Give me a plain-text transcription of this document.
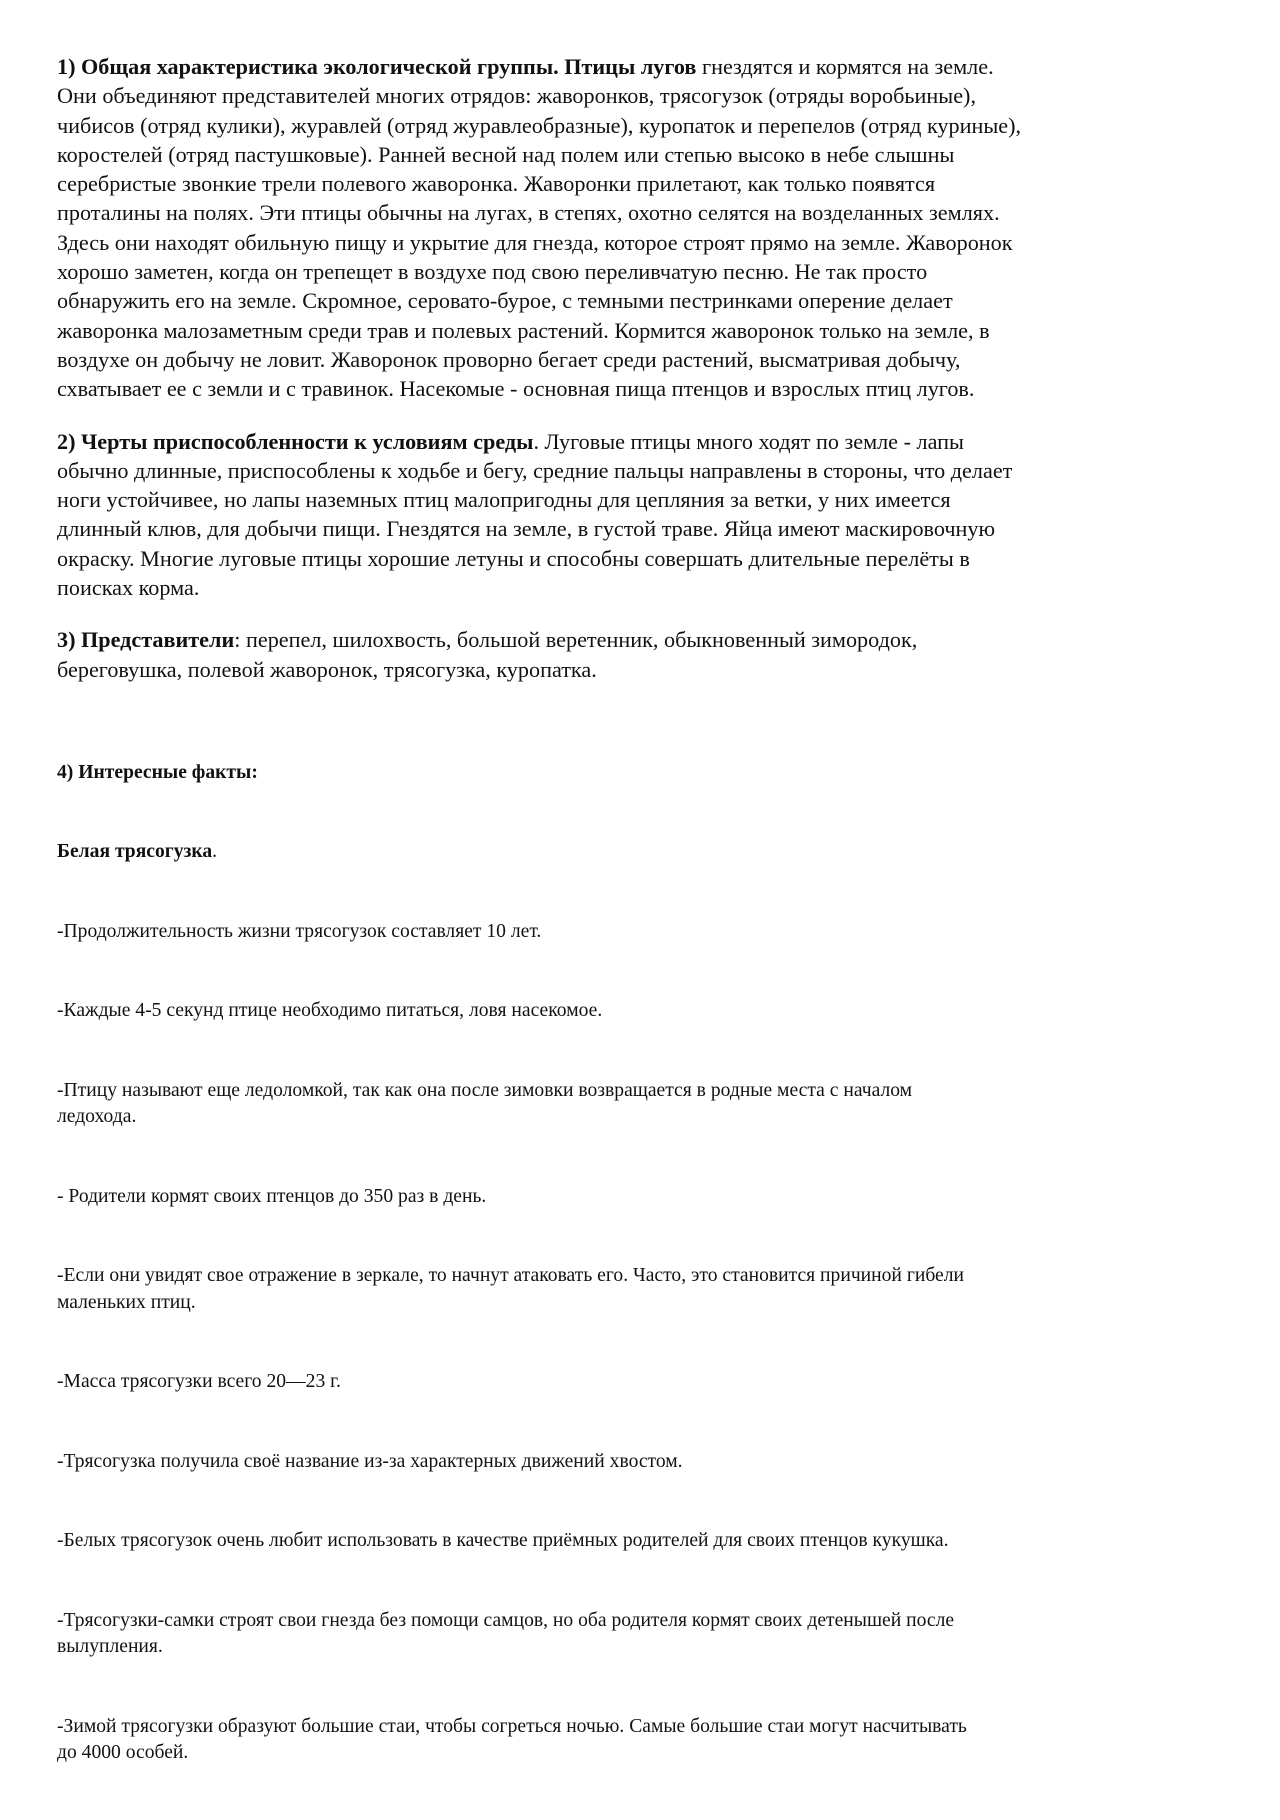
1) Общая характеристика экологической группы. Птицы лугов гнездятся и кормятся на земле.
Они объединяют представителей многих отрядов: жаворонков, трясогузок (отряды воробьиные),
чибисов (отряд кулики), журавлей (отряд журавлеобразные), куропаток и перепелов (отряд куриные),
коростелей (отряд пастушковые). Ранней весной над полем или степью высоко в небе слышны
серебристые звонкие трели полевого жаворонка. Жаворонки прилетают, как только появятся
проталины на полях. Эти птицы обычны на лугах, в степях, охотно селятся на возделанных землях.
Здесь они находят обильную пищу и укрытие для гнезда, которое строят прямо на земле. Жаворонок
хорошо заметен, когда он трепещет в воздухе под свою переливчатую песню. Не так просто
обнаружить его на земле. Скромное, серовато-бурое, с темными пестринками оперение делает
жаворонка малозаметным среди трав и полевых растений. Кормится жаворонок только на земле, в
воздухе он добычу не ловит. Жаворонок проворно бегает среди растений, высматривая добычу,
схватывает ее с земли и с травинок. Насекомые - основная пища птенцов и взрослых птиц лугов.

2) Черты приспособленности к условиям среды. Луговые птицы много ходят по земле - лапы
обычно длинные, приспособлены к ходьбе и бегу, средние пальцы направлены в стороны, что делает
ноги устойчивее, но лапы наземных птиц малопригодны для цепляния за ветки, у них имеется
длинный клюв, для добычи пищи. Гнездятся на земле, в густой траве. Яйца имеют маскировочную
окраску. Многие луговые птицы хорошие летуны и способны совершать длительные перелёты в
поисках корма.

3) Представители: перепел, шилохвость, большой веретенник, обыкновенный зимородок,
береговушка, полевой жаворонок, трясогузка, куропатка.

4) Интересные факты:

Белая трясогузка.

-Продолжительность жизни трясогузок составляет 10 лет.

-Каждые 4-5 секунд птице необходимо питаться, ловя насекомое.

-Птицу называют еще ледоломкой, так как она после зимовки возвращается в родные места с началом
ледохода.

- Родители кормят своих птенцов до 350 раз в день.

-Если они увидят свое отражение в зеркале, то начнут атаковать его. Часто, это становится причиной гибели
маленьких птиц.

-Масса трясогузки всего 20—23 г.

-Трясогузка получила своё название из-за характерных движений хвостом.

-Белых трясогузок очень любит использовать в качестве приёмных родителей для своих птенцов кукушка.

-Трясогузки-самки строят свои гнезда без помощи самцов, но оба родителя кормят своих детенышей после
вылупления.

-Зимой трясогузки образуют большие стаи, чтобы согреться ночью. Самые большие стаи могут насчитывать
до 4000 особей.
